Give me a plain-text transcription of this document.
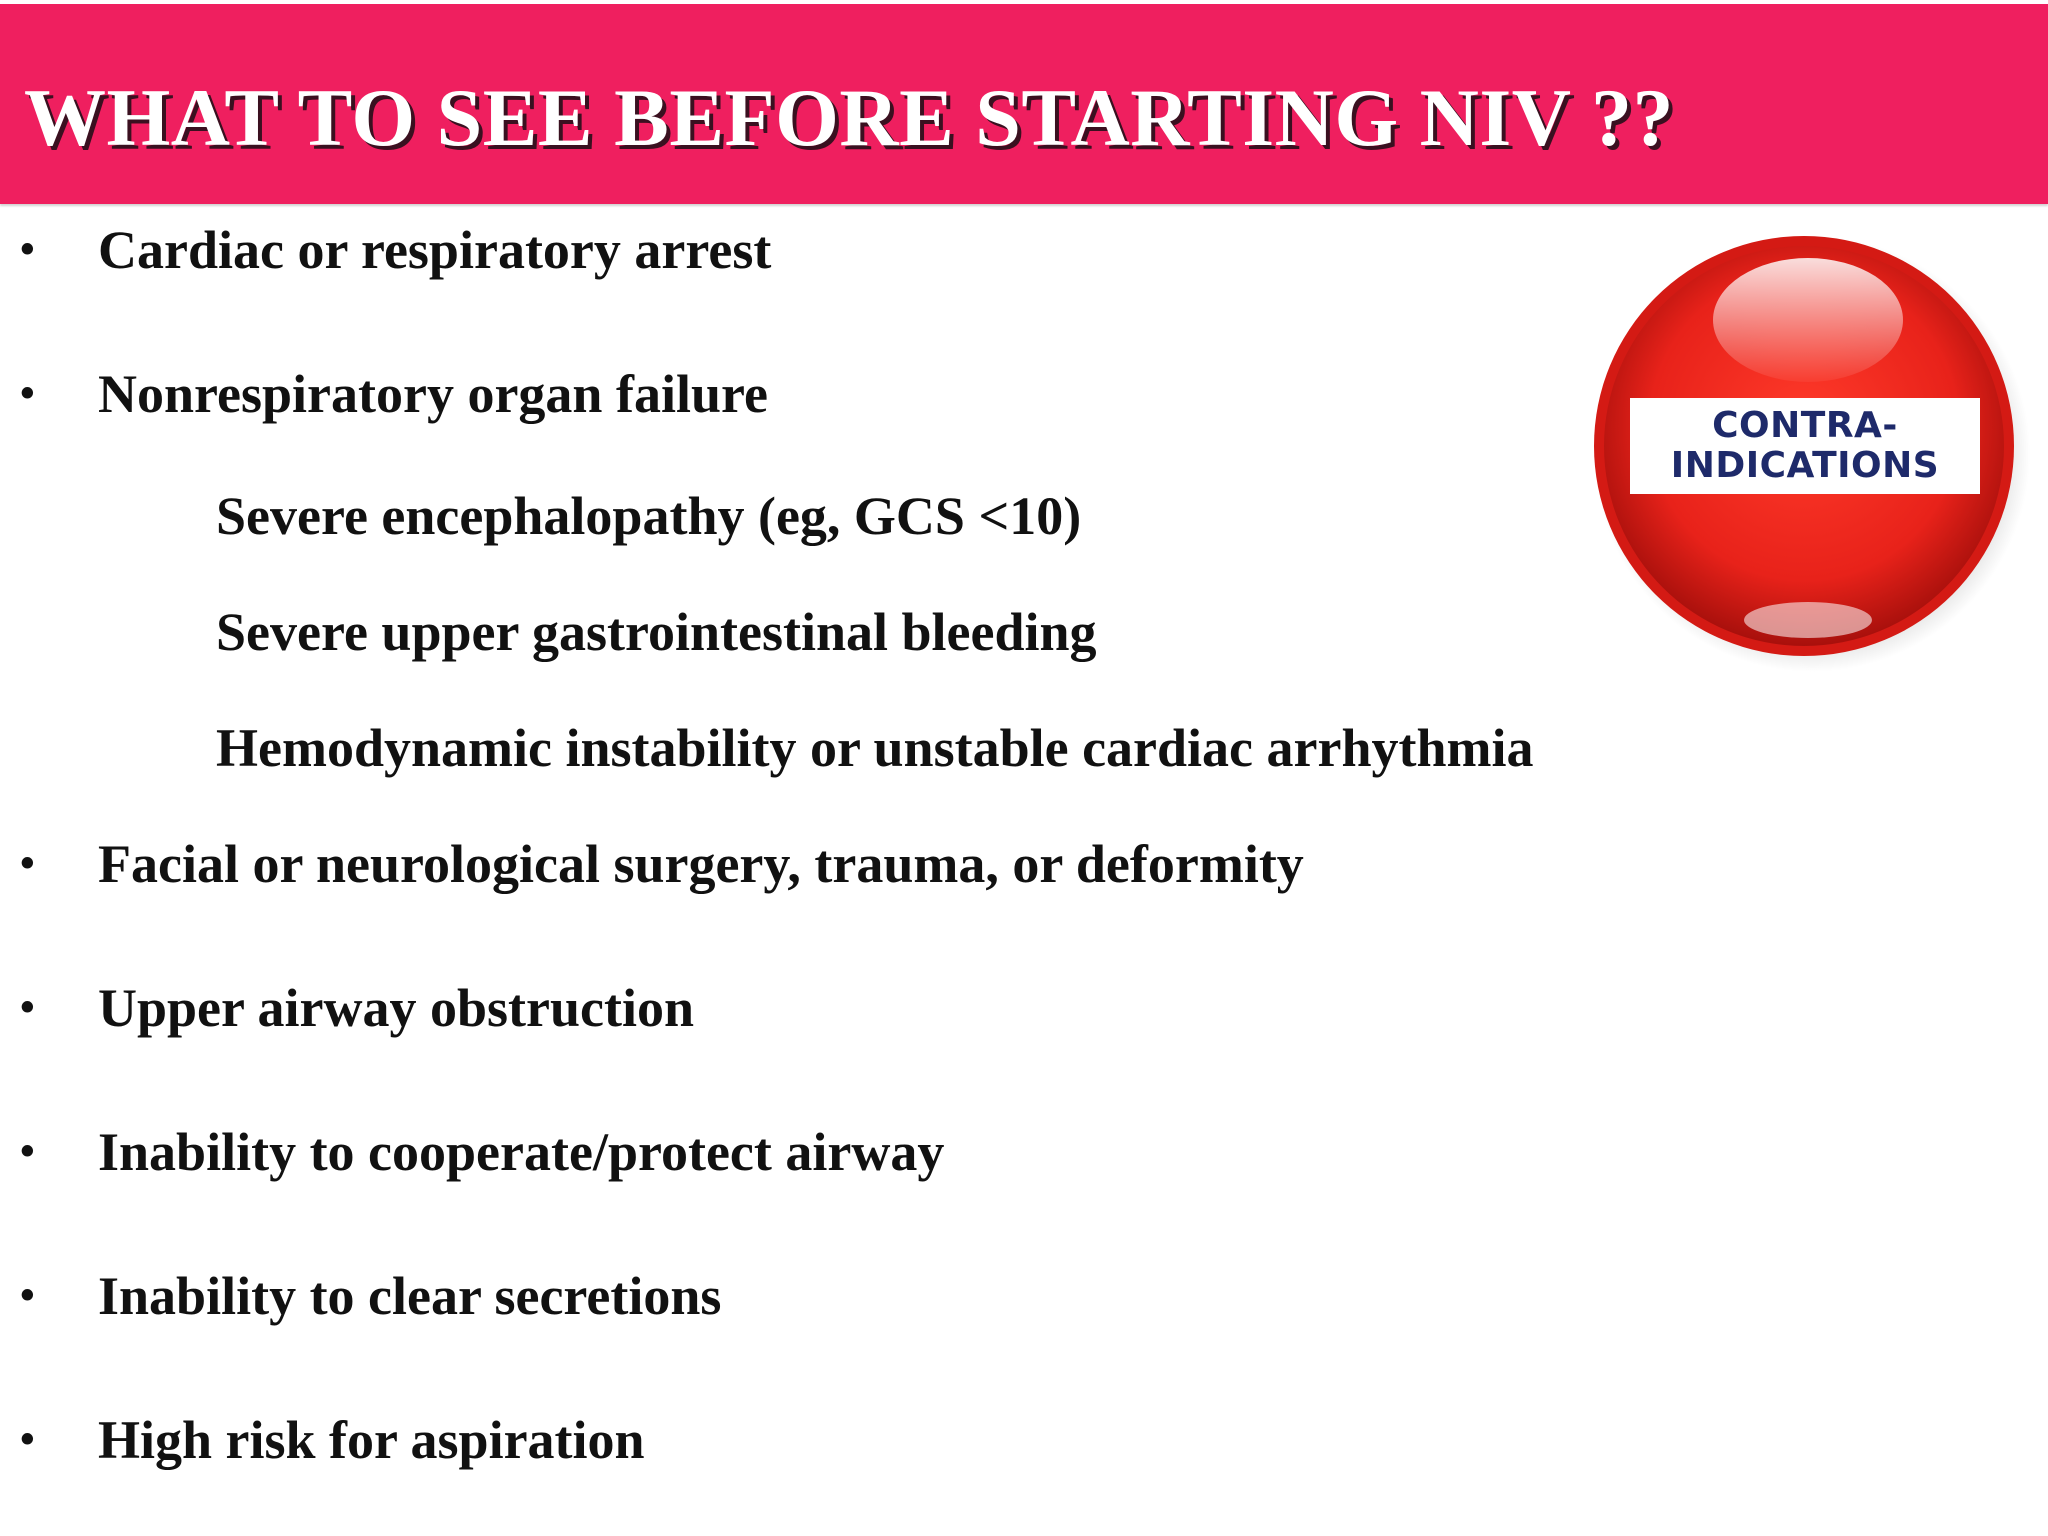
WHAT TO SEE BEFORE STARTING NIV ??
• Cardiac or respiratory arrest
• Nonrespiratory organ failure
Severe encephalopathy (eg, GCS <10)
Severe upper gastrointestinal bleeding
Hemodynamic instability or unstable cardiac arrhythmia
• Facial or neurological surgery, trauma, or deformity
• Upper airway obstruction
• Inability to cooperate/protect airway
• Inability to clear secretions
• High risk for aspiration
CONTRA-
INDICATIONS
